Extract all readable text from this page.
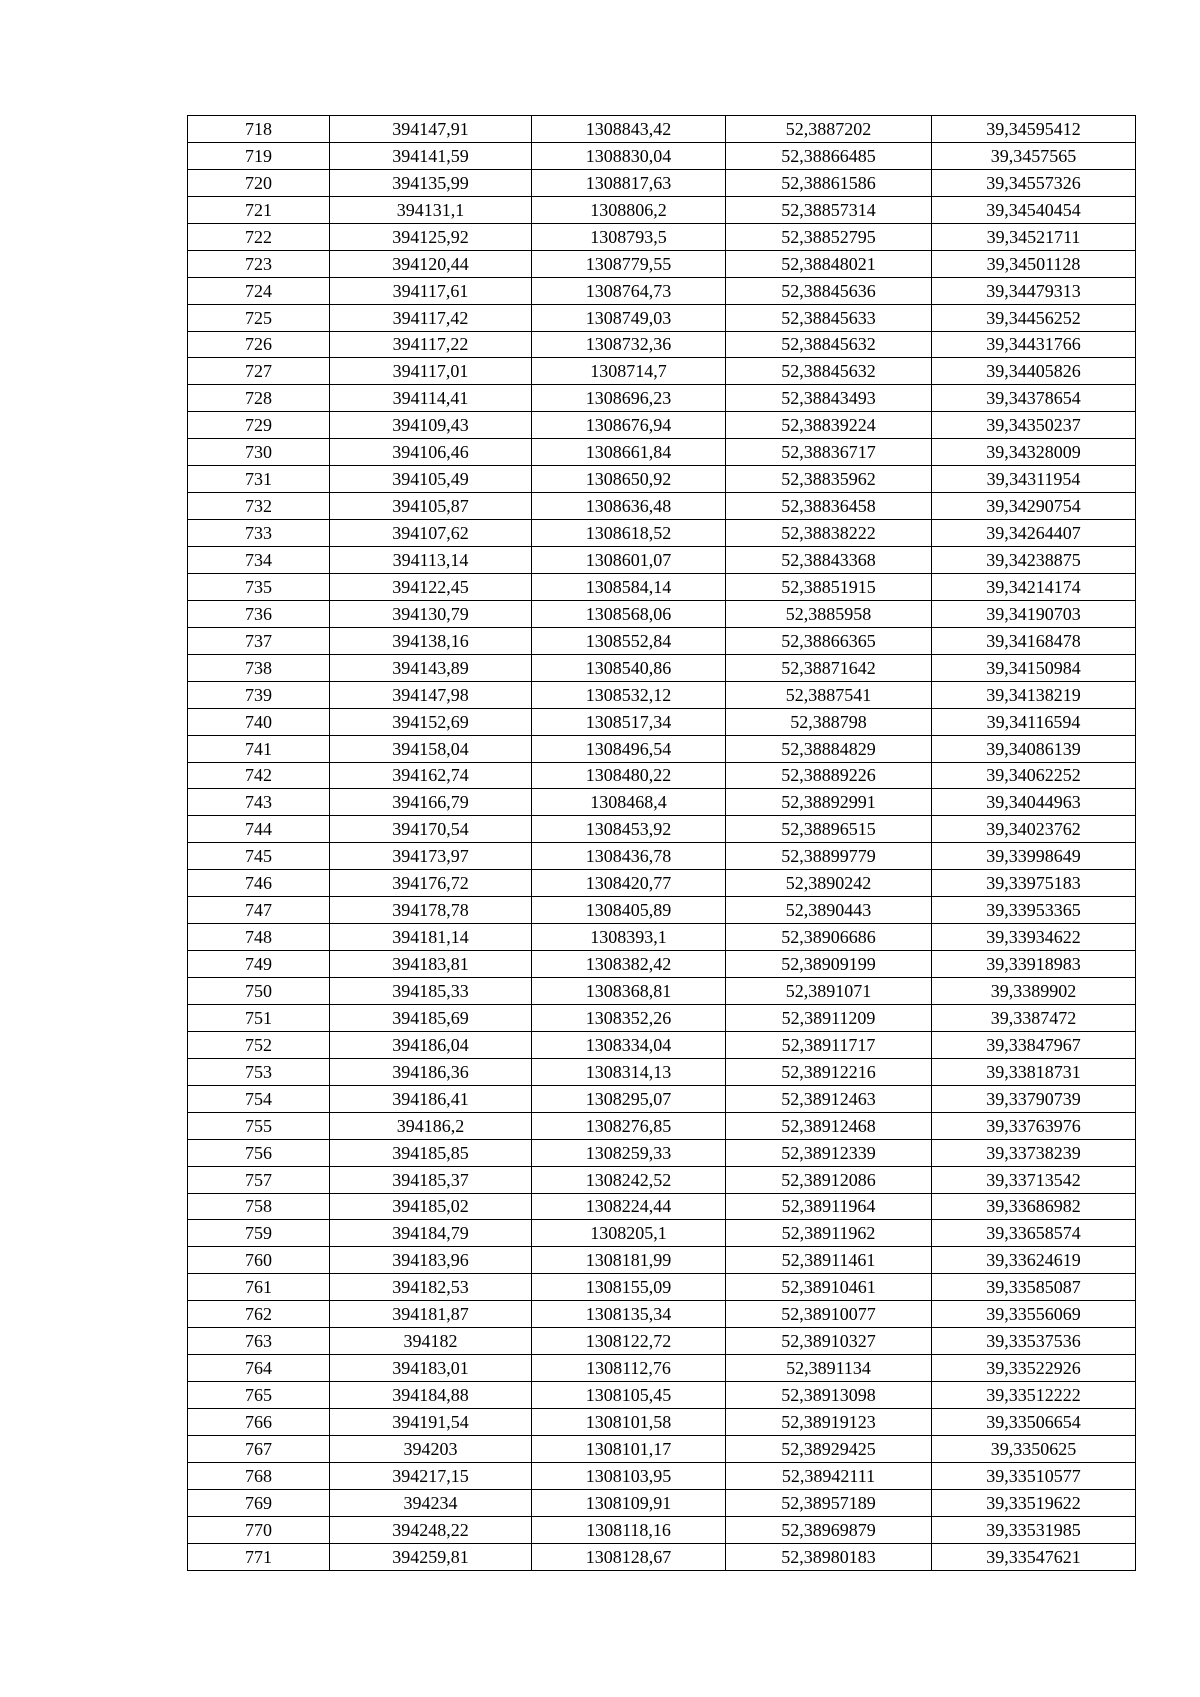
718	394147,91	1308843,42	52,3887202	39,34595412
719	394141,59	1308830,04	52,38866485	39,3457565
720	394135,99	1308817,63	52,38861586	39,34557326
721	394131,1	1308806,2	52,38857314	39,34540454
722	394125,92	1308793,5	52,38852795	39,34521711
723	394120,44	1308779,55	52,38848021	39,34501128
724	394117,61	1308764,73	52,38845636	39,34479313
725	394117,42	1308749,03	52,38845633	39,34456252
726	394117,22	1308732,36	52,38845632	39,34431766
727	394117,01	1308714,7	52,38845632	39,34405826
728	394114,41	1308696,23	52,38843493	39,34378654
729	394109,43	1308676,94	52,38839224	39,34350237
730	394106,46	1308661,84	52,38836717	39,34328009
731	394105,49	1308650,92	52,38835962	39,34311954
732	394105,87	1308636,48	52,38836458	39,34290754
733	394107,62	1308618,52	52,38838222	39,34264407
734	394113,14	1308601,07	52,38843368	39,34238875
735	394122,45	1308584,14	52,38851915	39,34214174
736	394130,79	1308568,06	52,3885958	39,34190703
737	394138,16	1308552,84	52,38866365	39,34168478
738	394143,89	1308540,86	52,38871642	39,34150984
739	394147,98	1308532,12	52,3887541	39,34138219
740	394152,69	1308517,34	52,388798	39,34116594
741	394158,04	1308496,54	52,38884829	39,34086139
742	394162,74	1308480,22	52,38889226	39,34062252
743	394166,79	1308468,4	52,38892991	39,34044963
744	394170,54	1308453,92	52,38896515	39,34023762
745	394173,97	1308436,78	52,38899779	39,33998649
746	394176,72	1308420,77	52,3890242	39,33975183
747	394178,78	1308405,89	52,3890443	39,33953365
748	394181,14	1308393,1	52,38906686	39,33934622
749	394183,81	1308382,42	52,38909199	39,33918983
750	394185,33	1308368,81	52,3891071	39,3389902
751	394185,69	1308352,26	52,38911209	39,3387472
752	394186,04	1308334,04	52,38911717	39,33847967
753	394186,36	1308314,13	52,38912216	39,33818731
754	394186,41	1308295,07	52,38912463	39,33790739
755	394186,2	1308276,85	52,38912468	39,33763976
756	394185,85	1308259,33	52,38912339	39,33738239
757	394185,37	1308242,52	52,38912086	39,33713542
758	394185,02	1308224,44	52,38911964	39,33686982
759	394184,79	1308205,1	52,38911962	39,33658574
760	394183,96	1308181,99	52,38911461	39,33624619
761	394182,53	1308155,09	52,38910461	39,33585087
762	394181,87	1308135,34	52,38910077	39,33556069
763	394182	1308122,72	52,38910327	39,33537536
764	394183,01	1308112,76	52,3891134	39,33522926
765	394184,88	1308105,45	52,38913098	39,33512222
766	394191,54	1308101,58	52,38919123	39,33506654
767	394203	1308101,17	52,38929425	39,3350625
768	394217,15	1308103,95	52,38942111	39,33510577
769	394234	1308109,91	52,38957189	39,33519622
770	394248,22	1308118,16	52,38969879	39,33531985
771	394259,81	1308128,67	52,38980183	39,33547621
